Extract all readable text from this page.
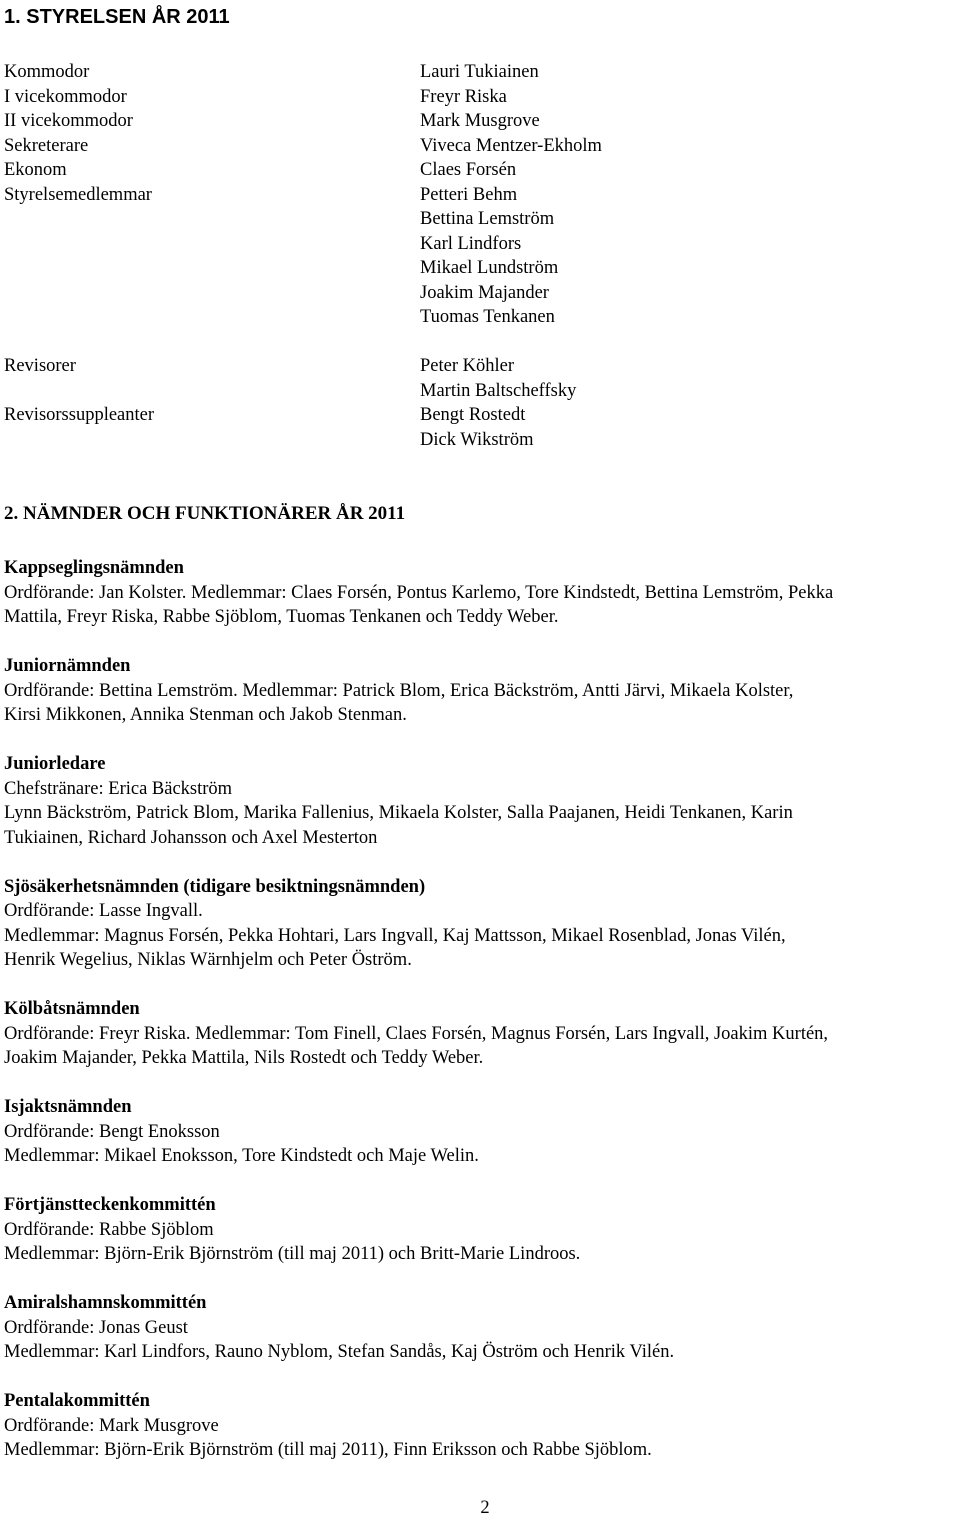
1. STYRELSEN ÅR 2011
Kommodor	Lauri Tukiainen
I vicekommodor	Freyr Riska
II vicekommodor	Mark Musgrove
Sekreterare	Viveca Mentzer-Ekholm
Ekonom	Claes Forsén
Styrelsemedlemmar	Petteri Behm
Bettina Lemström
Karl Lindfors
Mikael Lundström
Joakim Majander
Tuomas Tenkanen
Revisorer	Peter Köhler
Martin Baltscheffsky
Revisorssuppleanter	Bengt Rostedt
Dick Wikström
2. NÄMNDER OCH FUNKTIONÄRER ÅR 2011
Kappseglingsnämnden
Ordförande: Jan Kolster. Medlemmar: Claes Forsén, Pontus Karlemo, Tore Kindstedt, Bettina Lemström, Pekka
Mattila, Freyr Riska, Rabbe Sjöblom, Tuomas Tenkanen och Teddy Weber.
Juniornämnden
Ordförande: Bettina Lemström. Medlemmar: Patrick Blom, Erica Bäckström, Antti Järvi, Mikaela Kolster,
Kirsi Mikkonen, Annika Stenman och Jakob Stenman.
Juniorledare
Chefstränare: Erica Bäckström
Lynn Bäckström, Patrick Blom, Marika Fallenius, Mikaela Kolster, Salla Paajanen, Heidi Tenkanen, Karin
Tukiainen, Richard Johansson och Axel Mesterton
Sjösäkerhetsnämnden (tidigare besiktningsnämnden)
Ordförande: Lasse Ingvall.
Medlemmar: Magnus Forsén, Pekka Hohtari, Lars Ingvall, Kaj Mattsson, Mikael Rosenblad, Jonas Vilén,
Henrik Wegelius, Niklas Wärnhjelm och Peter Öström.
Kölbåtsnämnden
Ordförande: Freyr Riska. Medlemmar: Tom Finell, Claes Forsén, Magnus Forsén, Lars Ingvall, Joakim Kurtén,
Joakim Majander, Pekka Mattila, Nils Rostedt och Teddy Weber.
Isjaktsnämnden
Ordförande: Bengt Enoksson
Medlemmar: Mikael Enoksson, Tore Kindstedt och Maje Welin.
Förtjänstteckenkommittén
Ordförande: Rabbe Sjöblom
Medlemmar: Björn-Erik Björnström (till maj 2011) och Britt-Marie Lindroos.
Amiralshamnskommittén
Ordförande: Jonas Geust
Medlemmar: Karl Lindfors, Rauno Nyblom, Stefan Sandås, Kaj Öström och Henrik Vilén.
Pentalakommittén
Ordförande: Mark Musgrove
Medlemmar: Björn-Erik Björnström (till maj 2011), Finn Eriksson och Rabbe Sjöblom.
2
